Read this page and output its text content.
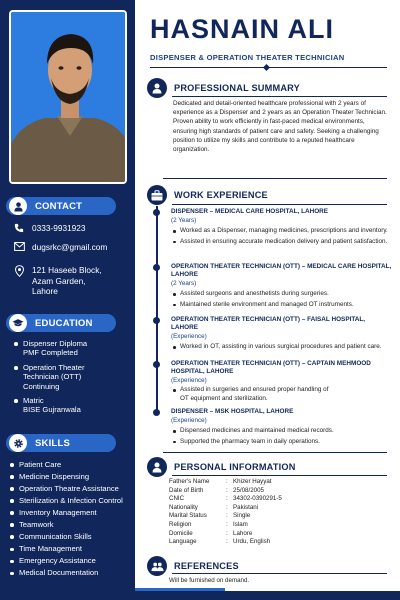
CONTACT
0333-9931923
dugsrkc@gmail.com
121 Haseeb Block,
Azam Garden,
Lahore
EDUCATION
Dispenser Diploma
PMF Completed
Operation Theater
Technician (OTT)
Continuing
Matric
BISE Gujranwala
SKILLS
Patient Care
Medicine Dispensing
Operation Theatre Assistance
Sterilization & Infection Control
Inventory Management
Teamwork
Communication Skills
Time Management
Emergency Assistance
Medical Documentation
HASNAIN ALI
DISPENSER & OPERATION THEATER TECHNICIAN
PROFESSIONAL SUMMARY
Dedicated and detail-oriented healthcare professional with 2 years of
experience as a Dispenser and 2 years as an Operation Theater Technician.
Proven ability to work efficiently in fast-paced medical environments,
ensuring high standards of patient care and safety. Seeking a challenging
position to utilize my skills and contribute to a reputed healthcare
organization.
WORK EXPERIENCE
DISPENSER – MEDICAL CARE HOSPITAL, LAHORE
(2 Years)
Worked as a Dispenser, managing medicines, prescriptions and inventory.
Assisted in ensuring accurate medication delivery and patient satisfaction.
OPERATION THEATER TECHNICIAN (OTT) – MEDICAL CARE HOSPITAL, LAHORE
(2 Years)
Assisted surgeons and anesthetists during surgeries.
Maintained sterile environment and managed OT instruments.
OPERATION THEATER TECHNICIAN (OTT) – FAISAL HOSPITAL, LAHORE
(Experience)
Worked in OT, assisting in various surgical procedures and patient care.
OPERATION THEATER TECHNICIAN (OTT) – CAPTAIN MEHMOOD HOSPITAL, LAHORE
(Experience)
Assisted in surgeries and ensured proper handling of
OT equipment and sterilization.
DISPENSER – MSK HOSPITAL, LAHORE
(Experience)
Dispensed medicines and maintained medical records.
Supported the pharmacy team in daily operations.
PERSONAL INFORMATION
Father's Name	: Khizer Hayyat
Date of Birth	: 25/08/2005
CNIC	: 34302-0390291-5
Nationality	: Pakistani
Marital Status	: Single
Religion	: Islam
Domicile	: Lahore
Language	: Urdu, English
REFERENCES
Will be furnished on demand.
